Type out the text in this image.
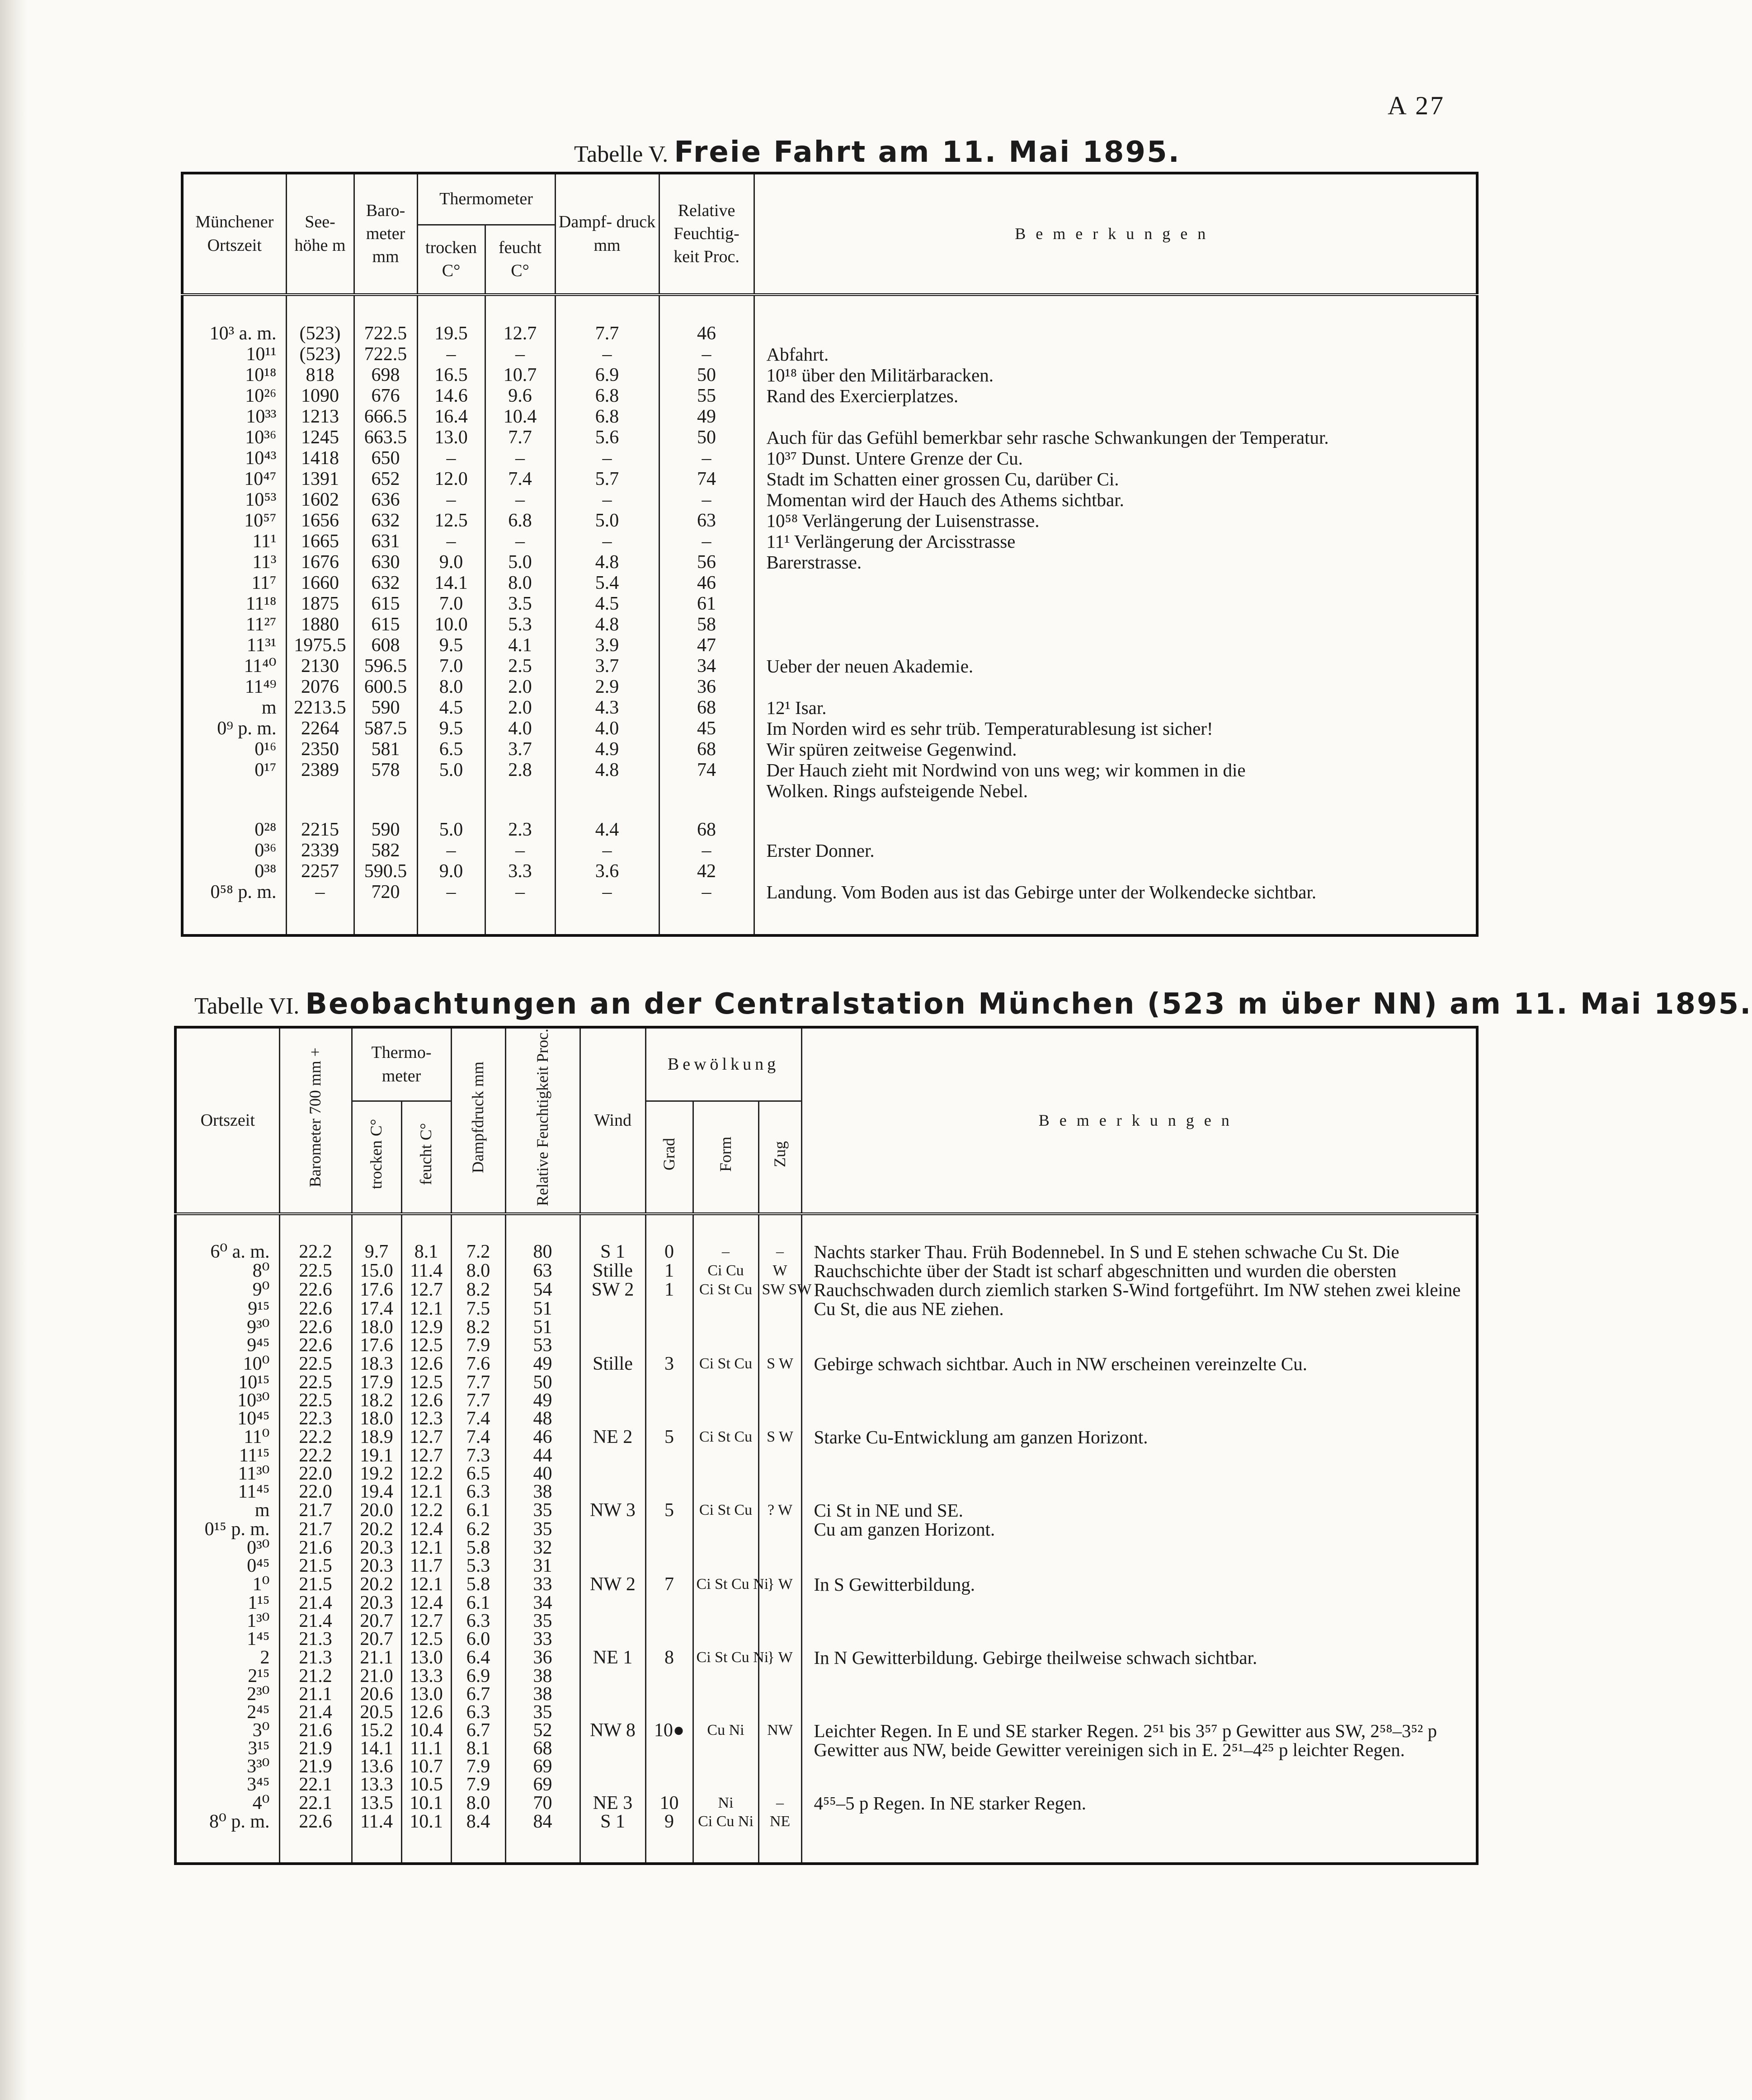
A 27
Tabelle V. Freie Fahrt am 11. Mai 1895.
Münchener Ortszeit	See- höhe m	Baro- meter mm	Thermometer		Dampf- druck mm	Relative Feuchtig- keit Proc.	Bemerkungen
			trocken C°	feucht C°			

10³ a. m.	(523)	722.5	19.5	12.7	7.7	46	
10¹¹	(523)	722.5	–	–	–	–	Abfahrt.
10¹⁸	818	698	16.5	10.7	6.9	50	10¹⁸ über den Militärbaracken.
10²⁶	1090	676	14.6	9.6	6.8	55	Rand des Exercierplatzes.
10³³	1213	666.5	16.4	10.4	6.8	49	
10³⁶	1245	663.5	13.0	7.7	5.6	50	Auch für das Gefühl bemerkbar sehr rasche Schwankungen der Temperatur.
10⁴³	1418	650	–	–	–	–	10³⁷ Dunst. Untere Grenze der Cu.
10⁴⁷	1391	652	12.0	7.4	5.7	74	Stadt im Schatten einer grossen Cu, darüber Ci.
10⁵³	1602	636	–	–	–	–	Momentan wird der Hauch des Athems sichtbar.
10⁵⁷	1656	632	12.5	6.8	5.0	63	10⁵⁸ Verlängerung der Luisenstrasse.
11¹	1665	631	–	–	–	–	11¹ Verlängerung der Arcisstrasse
11³	1676	630	9.0	5.0	4.8	56	Barerstrasse.
11⁷	1660	632	14.1	8.0	5.4	46	
11¹⁸	1875	615	7.0	3.5	4.5	61	
11²⁷	1880	615	10.0	5.3	4.8	58	
11³¹	1975.5	608	9.5	4.1	3.9	47	
11⁴⁰	2130	596.5	7.0	2.5	3.7	34	Ueber der neuen Akademie.
11⁴⁹	2076	600.5	8.0	2.0	2.9	36	
m	2213.5	590	4.5	2.0	4.3	68	12¹ Isar.
0⁹ p. m.	2264	587.5	9.5	4.0	4.0	45	Im Norden wird es sehr trüb. Temperaturablesung ist sicher!
0¹⁶	2350	581	6.5	3.7	4.9	68	Wir spüren zeitweise Gegenwind.
0¹⁷	2389	578	5.0	2.8	4.8	74	Der Hauch zieht mit Nordwind von uns weg; wir kommen in die
							Wolken. Rings aufsteigende Nebel.

0²⁸	2215	590	5.0	2.3	4.4	68	
0³⁶	2339	582	–	–	–	–	Erster Donner.
0³⁸	2257	590.5	9.0	3.3	3.6	42	
0⁵⁸ p. m.	–	720	–	–	–	–	Landung. Vom Boden aus ist das Gebirge unter der Wolkendecke sichtbar.

Tabelle VI. Beobachtungen an der Centralstation München (523 m über NN) am 11. Mai 1895.
Ortszeit	Barometer 700 mm +	Thermo- meter		Dampfdruck mm	Relative Feuchtigkeit Proc.	Wind	Bewölkung			Bemerkungen
		trocken C°	feucht C°				Grad	Form	Zug	

6⁰ a. m.	22.2	9.7	8.1	7.2	80	S 1	0	–	–	Nachts starker Thau. Früh Bodennebel. In S und E stehen schwache Cu St. Die Rauchschichte über der Stadt ist scharf abgeschnitten und wurden die obersten Rauchschwaden durch ziemlich starken S-Wind fortgeführt. Im NW stehen zwei kleine Cu St, die aus NE ziehen.
8⁰	22.5	15.0	11.4	8.0	63	Stille	1	Ci Cu	W	
9⁰	22.6	17.6	12.7	8.2	54	SW 2	1	Ci St Cu	SW SW	
9¹⁵	22.6	17.4	12.1	7.5	51					
9³⁰	22.6	18.0	12.9	8.2	51					
9⁴⁵	22.6	17.6	12.5	7.9	53					
10⁰	22.5	18.3	12.6	7.6	49	Stille	3	Ci St Cu	S W	Gebirge schwach sichtbar. Auch in NW erscheinen vereinzelte Cu.
10¹⁵	22.5	17.9	12.5	7.7	50					
10³⁰	22.5	18.2	12.6	7.7	49					
10⁴⁵	22.3	18.0	12.3	7.4	48					
11⁰	22.2	18.9	12.7	7.4	46	NE 2	5	Ci St Cu	S W	Starke Cu-Entwicklung am ganzen Horizont.
11¹⁵	22.2	19.1	12.7	7.3	44					
11³⁰	22.0	19.2	12.2	6.5	40					
11⁴⁵	22.0	19.4	12.1	6.3	38					
m	21.7	20.0	12.2	6.1	35	NW 3	5	Ci St Cu	? W	Ci St in NE und SE.
0¹⁵ p. m.	21.7	20.2	12.4	6.2	35					Cu am ganzen Horizont.
0³⁰	21.6	20.3	12.1	5.8	32					
0⁴⁵	21.5	20.3	11.7	5.3	31					
1⁰	21.5	20.2	12.1	5.8	33	NW 2	7	Ci St Cu Ni	} W	In S Gewitterbildung.
1¹⁵	21.4	20.3	12.4	6.1	34					
1³⁰	21.4	20.7	12.7	6.3	35					
1⁴⁵	21.3	20.7	12.5	6.0	33					
2	21.3	21.1	13.0	6.4	36	NE 1	8	Ci St Cu Ni	} W	In N Gewitterbildung. Gebirge theilweise schwach sichtbar.
2¹⁵	21.2	21.0	13.3	6.9	38					
2³⁰	21.1	20.6	13.0	6.7	38					
2⁴⁵	21.4	20.5	12.6	6.3	35					
3⁰	21.6	15.2	10.4	6.7	52	NW 8	10●	Cu Ni	NW	Leichter Regen. In E und SE starker Regen. 2⁵¹ bis 3⁵⁷ p Gewitter aus SW, 2⁵⁸–3⁵² p Gewitter aus NW, beide Gewitter vereinigen sich in E. 2⁵¹–4²⁵ p leichter Regen.
3¹⁵	21.9	14.1	11.1	8.1	68					
3³⁰	21.9	13.6	10.7	7.9	69					
3⁴⁵	22.1	13.3	10.5	7.9	69					
4⁰	22.1	13.5	10.1	8.0	70	NE 3	10	Ni	–	4⁵⁵–5 p Regen. In NE starker Regen.
8⁰ p. m.	22.6	11.4	10.1	8.4	84	S 1	9	Ci Cu Ni	NE	
